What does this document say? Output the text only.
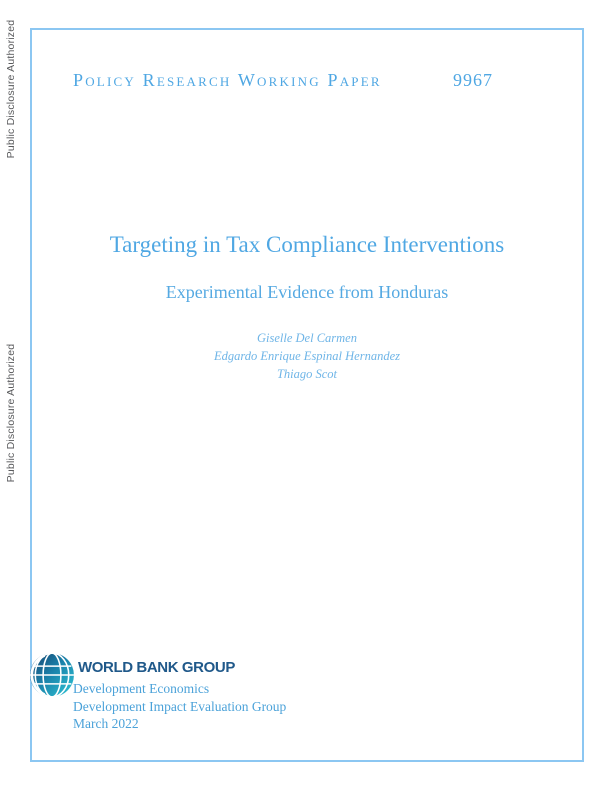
Public Disclosure Authorized
Public Disclosure Authorized
Policy Research Working Paper	9967
Targeting in Tax Compliance Interventions
Experimental Evidence from Honduras
Giselle Del Carmen
Edgardo Enrique Espinal Hernandez
Thiago Scot
WORLD BANK GROUP
Development Economics
Development Impact Evaluation Group
March 2022
